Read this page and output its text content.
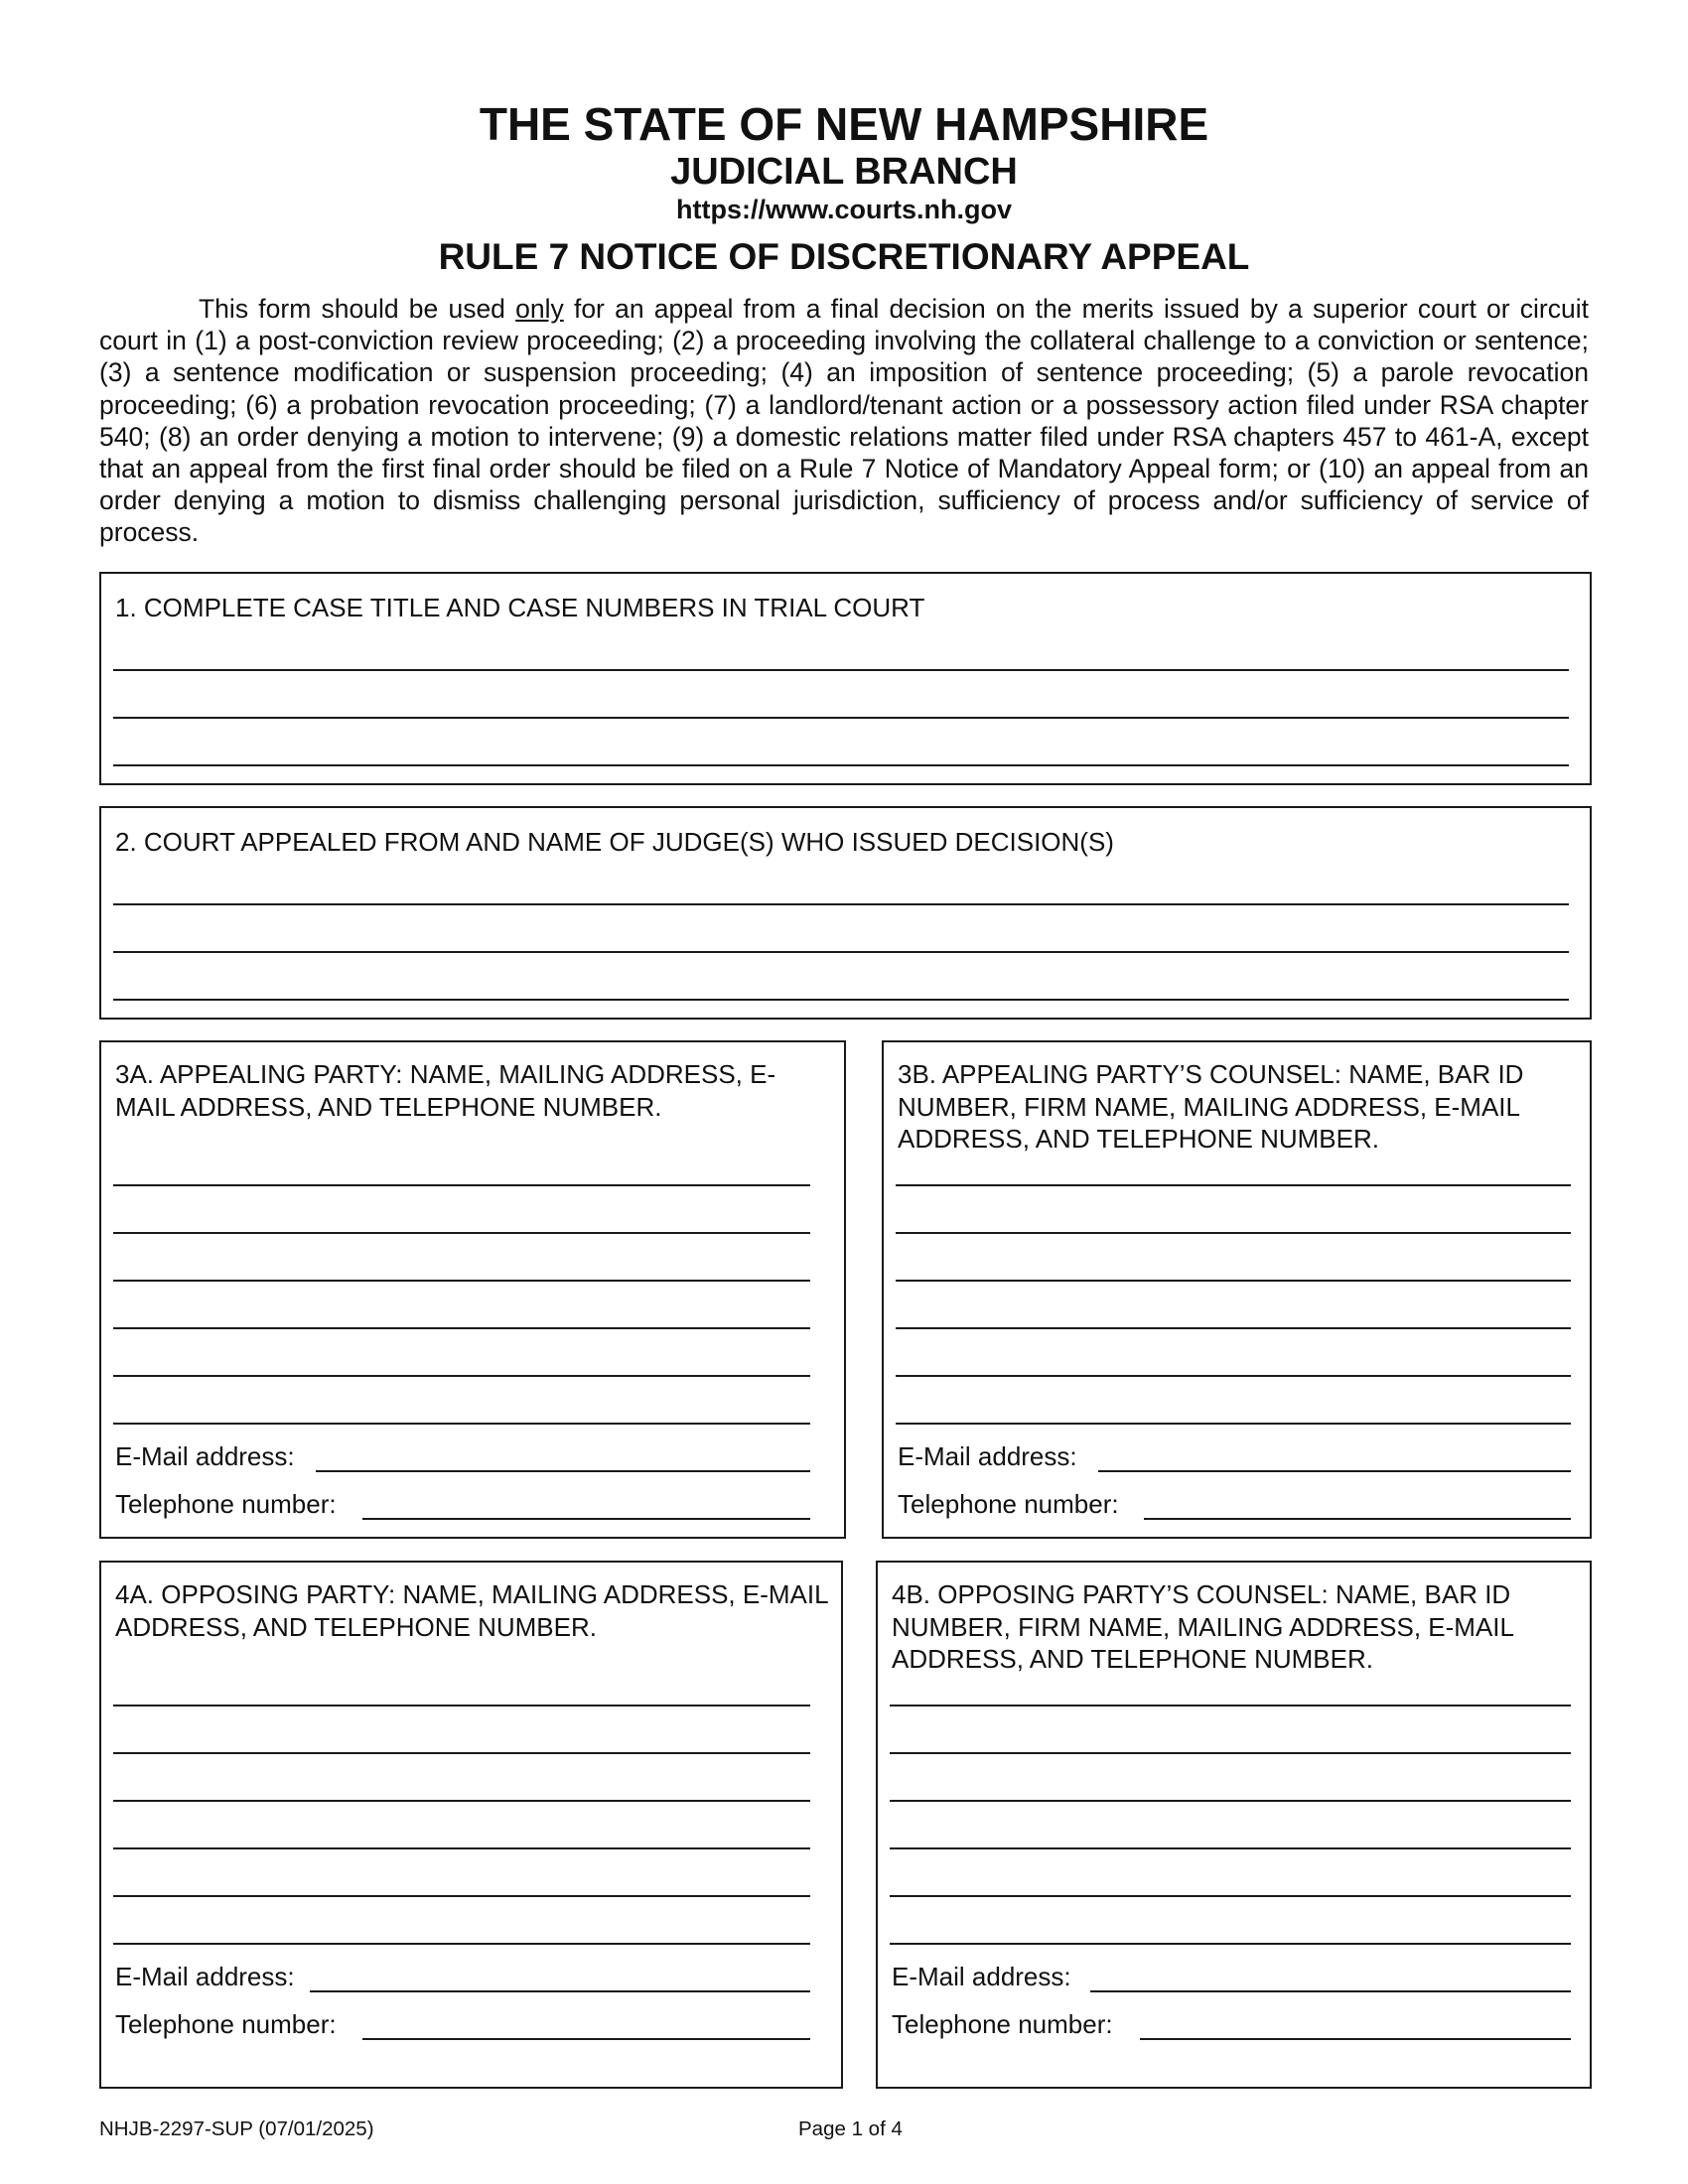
THE STATE OF NEW HAMPSHIRE
JUDICIAL BRANCH
https://www.courts.nh.gov
RULE 7 NOTICE OF DISCRETIONARY APPEAL

This form should be used only for an appeal from a final decision on the merits issued by a superior court or circuit court in (1) a post-conviction review proceeding; (2) a proceeding involving the collateral challenge to a conviction or sentence; (3) a sentence modification or suspension proceeding; (4) an imposition of sentence proceeding; (5) a parole revocation proceeding; (6) a probation revocation proceeding; (7) a landlord/tenant action or a possessory action filed under RSA chapter 540; (8) an order denying a motion to intervene; (9) a domestic relations matter filed under RSA chapters 457 to 461-A, except that an appeal from the first final order should be filed on a Rule 7 Notice of Mandatory Appeal form; or (10) an appeal from an order denying a motion to dismiss challenging personal jurisdiction, sufficiency of process and/or sufficiency of service of process.

1. COMPLETE CASE TITLE AND CASE NUMBERS IN TRIAL COURT
2. COURT APPEALED FROM AND NAME OF JUDGE(S) WHO ISSUED DECISION(S)
3A. APPEALING PARTY: NAME, MAILING ADDRESS, E-MAIL ADDRESS, AND TELEPHONE NUMBER.
E-Mail address:
Telephone number:
3B. APPEALING PARTY’S COUNSEL: NAME, BAR ID NUMBER, FIRM NAME, MAILING ADDRESS, E-MAIL ADDRESS, AND TELEPHONE NUMBER.
E-Mail address:
Telephone number:
4A. OPPOSING PARTY: NAME, MAILING ADDRESS, E-MAIL ADDRESS, AND TELEPHONE NUMBER.
E-Mail address:
Telephone number:
4B. OPPOSING PARTY’S COUNSEL: NAME, BAR ID NUMBER, FIRM NAME, MAILING ADDRESS, E-MAIL ADDRESS, AND TELEPHONE NUMBER.
E-Mail address:
Telephone number:
NHJB-2297-SUP (07/01/2025)	Page 1 of 4
